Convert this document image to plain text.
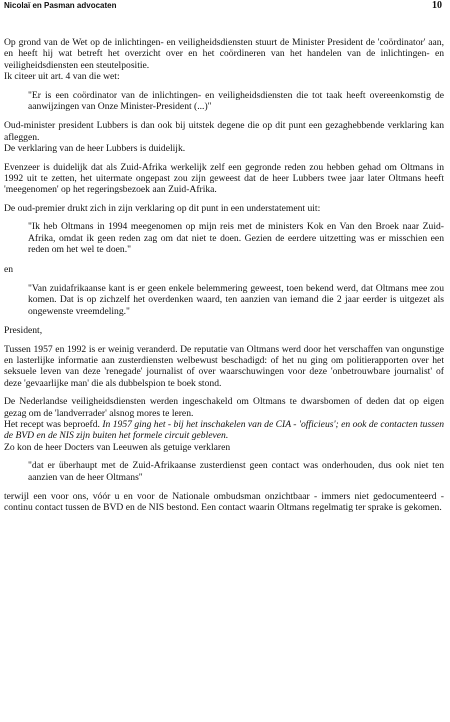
Nicolaï en Pasman advocaten	10

Op grond van de Wet op de inlichtingen- en veiligheidsdiensten stuurt de Minister President de 'coördinator' aan, en heeft hij wat betreft het overzicht over en het coördineren van het handelen van de inlichtingen- en veiligheidsdiensten een steutelpositie.

Ik citeer uit art. 4 van die wet:

"Er is een coördinator van de inlichtingen- en veiligheidsdiensten die tot taak heeft overeenkomstig de aanwijzingen van Onze Minister-President (...)"

Oud-minister president Lubbers is dan ook bij uitstek degene die op dit punt een gezaghebbende verklaring kan afleggen.

De verklaring van de heer Lubbers is duidelijk.

Evenzeer is duidelijk dat als Zuid-Afrika werkelijk zelf een gegronde reden zou hebben gehad om Oltmans in 1992 uit te zetten, het uitermate ongepast zou zijn geweest dat de heer Lubbers twee jaar later Oltmans heeft 'meegenomen' op het regeringsbezoek aan Zuid-Afrika.

De oud-premier drukt zich in zijn verklaring op dit punt in een understatement uit:

"Ik heb Oltmans in 1994 meegenomen op mijn reis met de ministers Kok en Van den Broek naar Zuid-Afrika, omdat ik geen reden zag om dat niet te doen. Gezien de eerdere uitzetting was er misschien een reden om het wel te doen."

en

"Van zuidafrikaanse kant is er geen enkele belemmering geweest, toen bekend werd, dat Oltmans mee zou komen. Dat is op zichzelf het overdenken waard, ten aanzien van iemand die 2 jaar eerder is uitgezet als ongewenste vreemdeling."

President,

Tussen 1957 en 1992 is er weinig veranderd. De reputatie van Oltmans werd door het verschaffen van ongunstige en lasterlijke informatie aan zusterdiensten welbewust beschadigd: of het nu ging om politierapporten over het seksuele leven van deze 'renegade' journalist of over waarschuwingen voor deze 'onbetrouwbare journalist' of deze 'gevaarlijke man' die als dubbelspion te boek stond.

De Nederlandse veiligheidsdiensten werden ingeschakeld om Oltmans te dwarsbomen of deden dat op eigen gezag om de 'landverrader' alsnog mores te leren.

Het recept was beproefd. In 1957 ging het - bij het inschakelen van de CIA - 'officieus'; en ook de contacten tussen de BVD en de NIS zijn buiten het formele circuit gebleven.

Zo kon de heer Docters van Leeuwen als getuige verklaren

"dat er überhaupt met de Zuid-Afrikaanse zusterdienst geen contact was onderhouden, dus ook niet ten aanzien van de heer Oltmans"

terwijl een voor ons, vóór u en voor de Nationale ombudsman onzichtbaar - immers niet gedocumenteerd - continu contact tussen de BVD en de NIS bestond. Een contact waarin Oltmans regelmatig ter sprake is gekomen.
